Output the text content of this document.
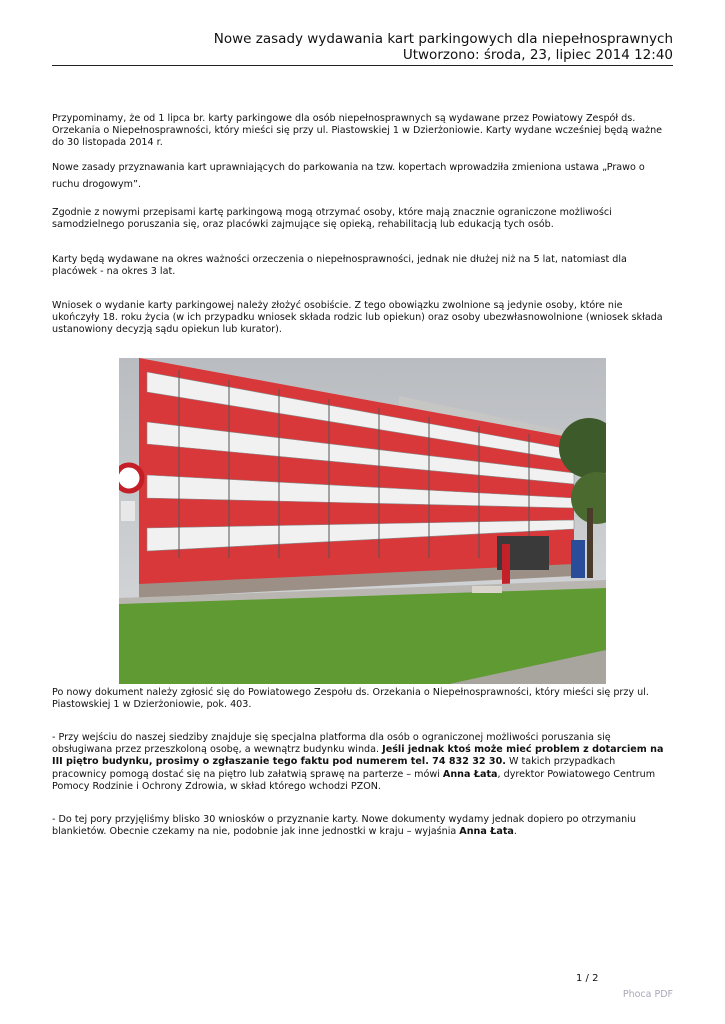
Nowe zasady wydawania kart parkingowych dla niepełnosprawnych
Utworzono: środa, 23, lipiec 2014 12:40

Przypominamy, że od 1 lipca br. karty parkingowe dla osób niepełnosprawnych są wydawane przez Powiatowy Zespół ds. Orzekania o Niepełnosprawności, który mieści się przy ul. Piastowskiej 1 w Dzierżoniowie. Karty wydane wcześniej będą ważne do 30 listopada 2014 r.

Nowe zasady przyznawania kart uprawniających do parkowania na tzw. kopertach wprowadziła zmieniona ustawa „Prawo o ruchu drogowym”.

Zgodnie z nowymi przepisami kartę parkingową mogą otrzymać osoby, które mają znacznie ograniczone możliwości samodzielnego poruszania się, oraz placówki zajmujące się opieką, rehabilitacją lub edukacją tych osób.

Karty będą wydawane na okres ważności orzeczenia o niepełnosprawności, jednak nie dłużej niż na 5 lat, natomiast dla placówek - na okres 3 lat.

Wniosek o wydanie karty parkingowej należy złożyć osobiście. Z tego obowiązku zwolnione są jedynie osoby, które nie ukończyły 18. roku życia (w ich przypadku wniosek składa rodzic lub opiekun) oraz osoby ubezwłasnowolnione (wniosek składa ustanowiony decyzją sądu opiekun lub kurator).

Po nowy dokument należy zgłosić się do Powiatowego Zespołu ds. Orzekania o Niepełnosprawności, który mieści się przy ul. Piastowskiej 1 w Dzierżoniowie, pok. 403.

- Przy wejściu do naszej siedziby znajduje się specjalna platforma dla osób o ograniczonej możliwości poruszania się obsługiwana przez przeszkoloną osobę, a wewnątrz budynku winda. Jeśli jednak ktoś może mieć problem z dotarciem na III piętro budynku, prosimy o zgłaszanie tego faktu pod numerem tel. 74 832 32 30. W takich przypadkach pracownicy pomogą dostać się na piętro lub załatwią sprawę na parterze – mówi Anna Łata, dyrektor Powiatowego Centrum Pomocy Rodzinie i Ochrony Zdrowia, w skład którego wchodzi PZON.

- Do tej pory przyjęliśmy blisko 30 wniosków o przyznanie karty. Nowe dokumenty wydamy jednak dopiero po otrzymaniu blankietów. Obecnie czekamy na nie, podobnie jak inne jednostki w kraju – wyjaśnia Anna Łata.

1 / 2
Phoca PDF
